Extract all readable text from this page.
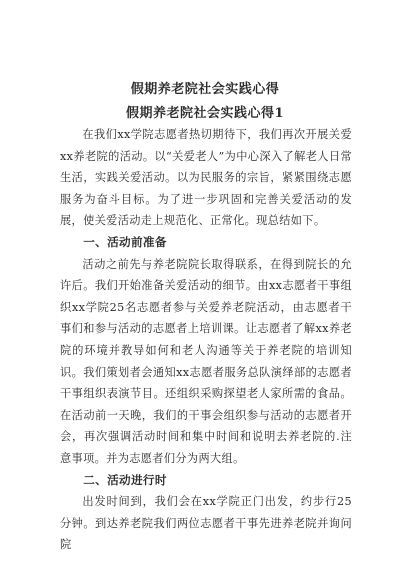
假期养老院社会实践心得
假期养老院社会实践心得1

在我们xx学院志愿者热切期待下，我们再次开展关爱xx养老院的活动。以“关爱老人”为中心深入了解老人日常生活，实践关爱活动。以为民服务的宗旨，紧紧围绕志愿服务为奋斗目标。为了进一步巩固和完善关爱活动的发展，使关爱活动走上规范化、正常化。现总结如下。

一、活动前准备

活动之前先与养老院院长取得联系，在得到院长的允许后。我们开始准备关爱活动的细节。由xx志愿者干事组织xx学院25名志愿者参与关爱养老院活动，由志愿者干事们和参与活动的志愿者上培训课。让志愿者了解xx养老院的环境并教导如何和老人沟通等关于养老院的培训知识。我们策划者会通知xx志愿者服务总队演绎部的志愿者干事组织表演节目。还组织采购探望老人家所需的食品。在活动前一天晚，我们的干事会组织参与活动的志愿者开会，再次强调活动时间和集中时间和说明去养老院的.注意事项。并为志愿者们分为两大组。

二、活动进行时

出发时间到，我们会在xx学院正门出发，约步行25分钟。到达养老院我们两位志愿者干事先进养老院并询问院
